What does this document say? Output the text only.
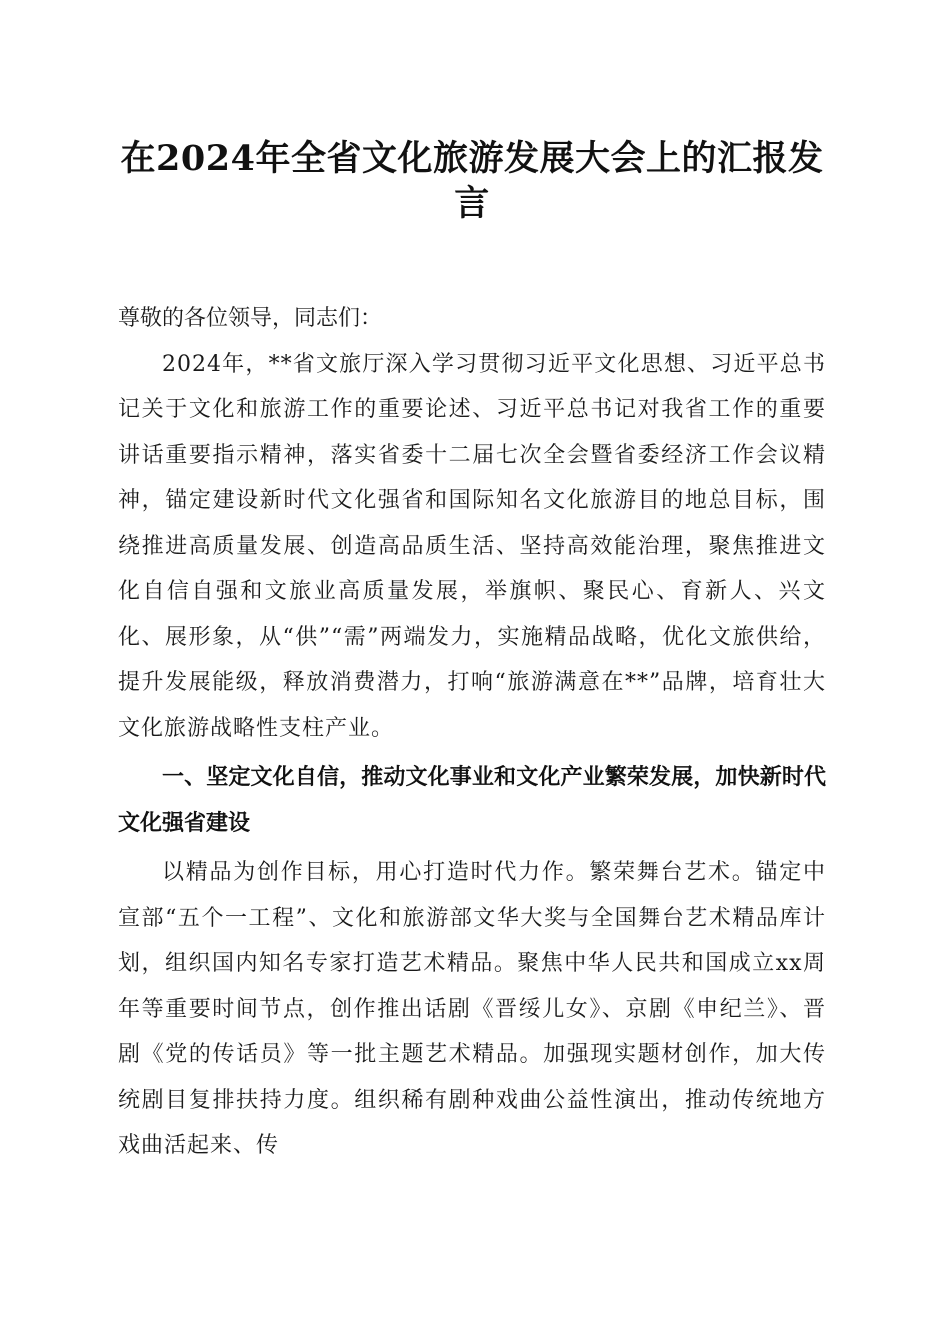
在2024年全省文化旅游发展大会上的汇报发言

尊敬的各位领导，同志们：

2024年，**省文旅厅深入学习贯彻习近平文化思想、习近平总书记关于文化和旅游工作的重要论述、习近平总书记对我省工作的重要讲话重要指示精神，落实省委十二届七次全会暨省委经济工作会议精神，锚定建设新时代文化强省和国际知名文化旅游目的地总目标，围绕推进高质量发展、创造高品质生活、坚持高效能治理，聚焦推进文化自信自强和文旅业高质量发展，举旗帜、聚民心、育新人、兴文化、展形象，从“供”“需”两端发力，实施精品战略，优化文旅供给，提升发展能级，释放消费潜力，打响“旅游满意在**”品牌，培育壮大文化旅游战略性支柱产业。

一、坚定文化自信，推动文化事业和文化产业繁荣发展，加快新时代文化强省建设

以精品为创作目标，用心打造时代力作。繁荣舞台艺术。锚定中宣部“五个一工程”、文化和旅游部文华大奖与全国舞台艺术精品库计划，组织国内知名专家打造艺术精品。聚焦中华人民共和国成立xx周年等重要时间节点，创作推出话剧《晋绥儿女》、京剧《申纪兰》、晋剧《党的传话员》等一批主题艺术精品。加强现实题材创作，加大传统剧目复排扶持力度。组织稀有剧种戏曲公益性演出，推动传统地方戏曲活起来、传
